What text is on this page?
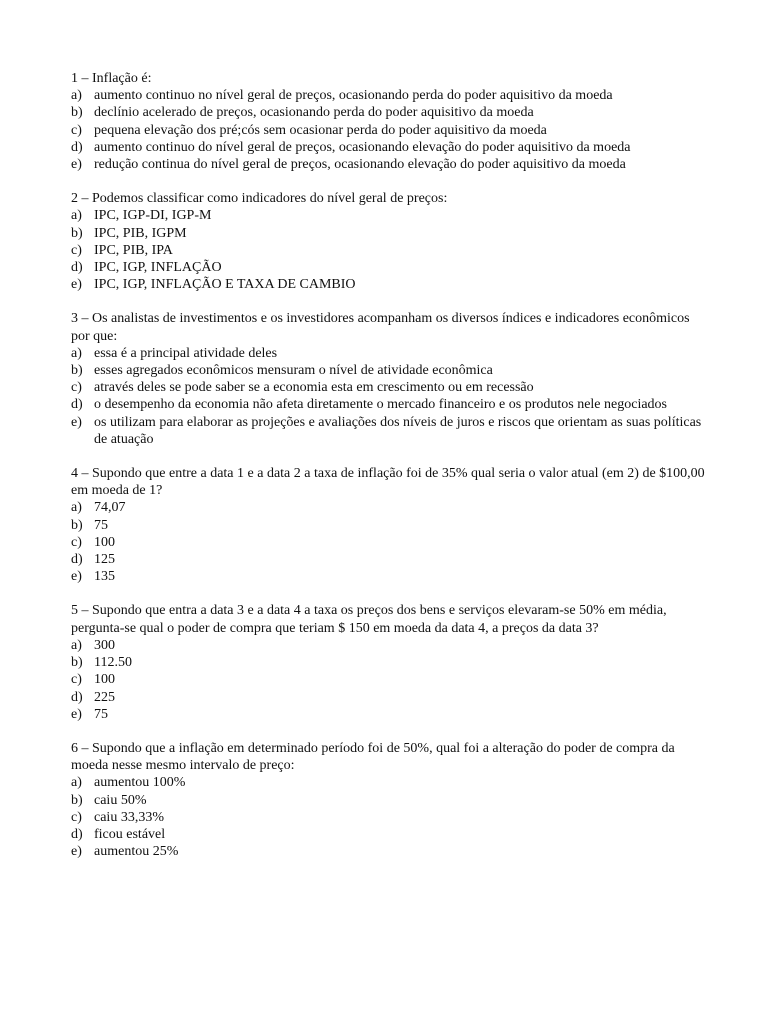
1 – Inflação é:
a) aumento continuo no nível geral de preços, ocasionando perda do poder aquisitivo da moeda
b) declínio acelerado de preços, ocasionando perda do poder aquisitivo da moeda
c) pequena elevação dos pré;cós sem ocasionar perda do poder aquisitivo da moeda
d) aumento continuo do nível geral de preços, ocasionando elevação do poder aquisitivo da moeda
e) redução continua do nível geral de preços, ocasionando elevação do poder aquisitivo da moeda
2 – Podemos classificar como indicadores do nível geral de preços:
a) IPC, IGP-DI, IGP-M
b) IPC, PIB, IGPM
c) IPC, PIB, IPA
d) IPC, IGP, INFLAÇÃO
e) IPC, IGP, INFLAÇÃO E TAXA DE CAMBIO
3 – Os analistas de investimentos e os investidores acompanham os diversos índices e indicadores econômicos por que:
a) essa é a principal atividade deles
b) esses agregados econômicos mensuram o nível de atividade econômica
c) através deles se pode saber se a economia esta em crescimento ou em recessão
d) o desempenho da economia não afeta diretamente o mercado financeiro e os produtos nele negociados
e) os utilizam para elaborar as projeções e avaliações dos níveis de juros e riscos que orientam as suas políticas de atuação
4 – Supondo que entre a data 1 e a data 2 a taxa de inflação foi de 35% qual seria o valor atual (em 2) de $100,00 em moeda de 1?
a) 74,07
b) 75
c) 100
d) 125
e) 135
5 – Supondo que entra a data 3 e a data 4 a taxa os preços dos bens e serviços elevaram-se 50% em média, pergunta-se qual o poder de compra que teriam $ 150 em moeda da data 4, a preços da data 3?
a) 300
b) 112.50
c) 100
d) 225
e) 75
6 – Supondo que a inflação em determinado período foi de 50%, qual foi a alteração do poder de compra da moeda nesse mesmo intervalo de preço:
a) aumentou 100%
b) caiu 50%
c) caiu 33,33%
d) ficou estável
e) aumentou 25%
